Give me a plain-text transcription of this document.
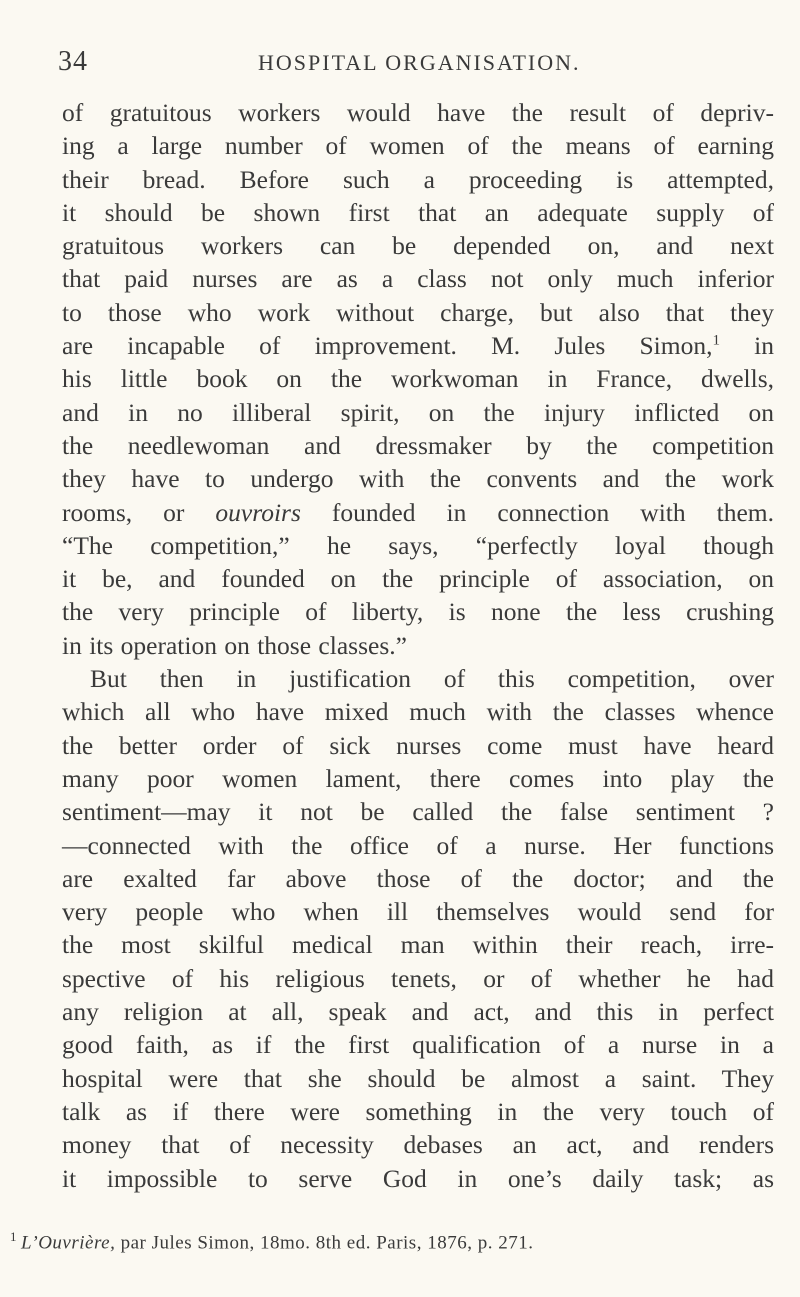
34	HOSPITAL ORGANISATION.
of gratuitous workers would have the result of depriv-
ing a large number of women of the means of earning
their bread. Before such a proceeding is attempted,
it should be shown first that an adequate supply of
gratuitous workers can be depended on, and next
that paid nurses are as a class not only much inferior
to those who work without charge, but also that they
are incapable of improvement. M. Jules Simon,$^1$ in
his little book on the workwoman in France, dwells,
and in no illiberal spirit, on the injury inflicted on
the needlewoman and dressmaker by the competition
they have to undergo with the convents and the work
rooms, or ouvroirs founded in connection with them.
“The competition,” he says, “perfectly loyal though
it be, and founded on the principle of association, on
the very principle of liberty, is none the less crushing
in its operation on those classes.”
But then in justification of this competition, over
which all who have mixed much with the classes whence
the better order of sick nurses come must have heard
many poor women lament, there comes into play the
sentiment—may it not be called the false sentiment ?
—connected with the office of a nurse. Her functions
are exalted far above those of the doctor; and the
very people who when ill themselves would send for
the most skilful medical man within their reach, irre-
spective of his religious tenets, or of whether he had
any religion at all, speak and act, and this in perfect
good faith, as if the first qualification of a nurse in a
hospital were that she should be almost a saint. They
talk as if there were something in the very touch of
money that of necessity debases an act, and renders
it impossible to serve God in one’s daily task; as
$^1$ L’Ouvrière, par Jules Simon, 18mo. 8th ed. Paris, 1876, p. 271.
